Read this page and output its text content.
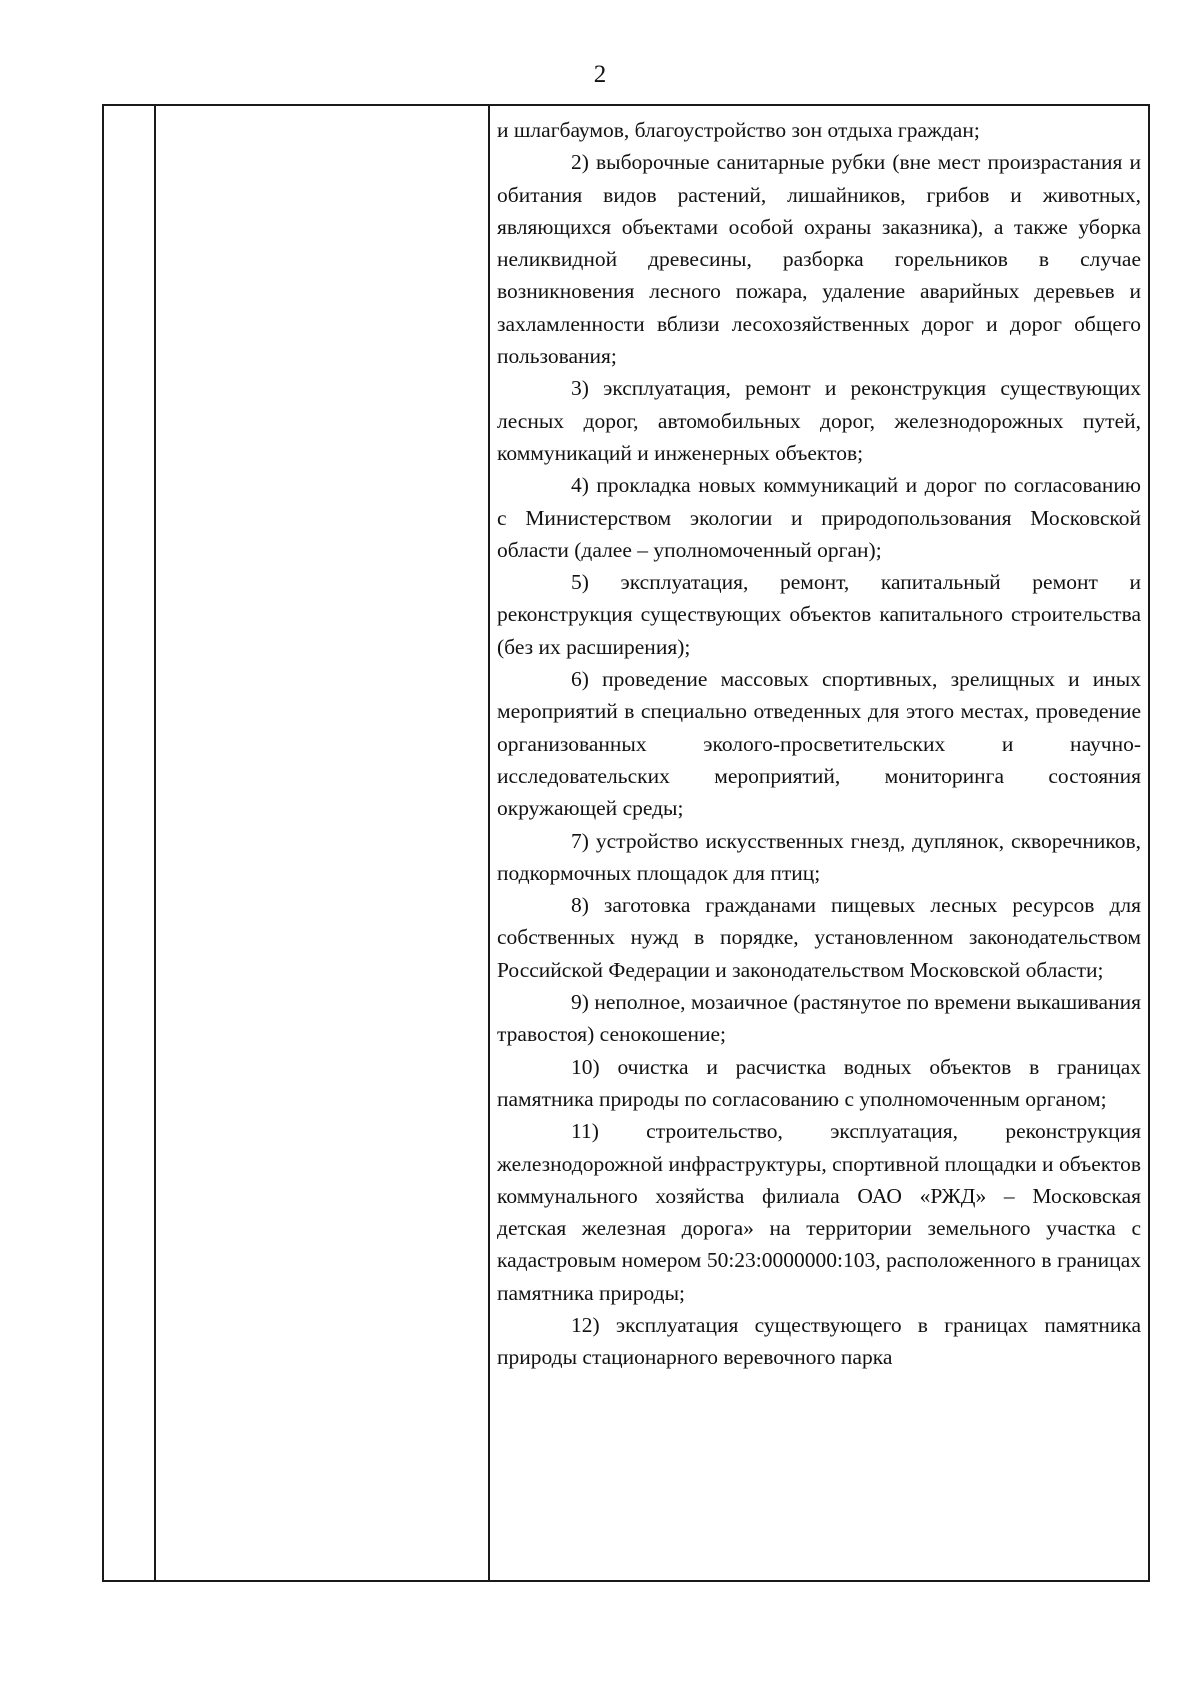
2

и шлагбаумов, благоустройство зон отдыха граждан;

2) выборочные санитарные рубки (вне мест произрастания и обитания видов растений, лишайников, грибов и животных, являющихся объектами особой охраны заказника), а также уборка неликвидной древесины, разборка горельников в случае возникновения лесного пожара, удаление аварийных деревьев и захламленности вблизи лесохозяйственных дорог и дорог общего пользования;

3) эксплуатация, ремонт и реконструкция существующих лесных дорог, автомобильных дорог, железнодорожных путей, коммуникаций и инженерных объектов;

4) прокладка новых коммуникаций и дорог по согласованию с Министерством экологии и природопользования Московской области (далее – уполномоченный орган);

5) эксплуатация, ремонт, капитальный ремонт и реконструкция существующих объектов капитального строительства (без их расширения);

6) проведение массовых спортивных, зрелищных и иных мероприятий в специально отведенных для этого местах, проведение организованных эколого-просветительских и научно-исследовательских мероприятий, мониторинга состояния окружающей среды;

7) устройство искусственных гнезд, дуплянок, скворечников, подкормочных площадок для птиц;

8) заготовка гражданами пищевых лесных ресурсов для собственных нужд в порядке, установленном законодательством Российской Федерации и законодательством Московской области;

9) неполное, мозаичное (растянутое по времени выкашивания травостоя) сенокошение;

10) очистка и расчистка водных объектов в границах памятника природы по согласованию с уполномоченным органом;

11) строительство, эксплуатация, реконструкция железнодорожной инфраструктуры, спортивной площадки и объектов коммунального хозяйства филиала ОАО «РЖД» – Московская детская железная дорога» на территории земельного участка с кадастровым номером 50:23:0000000:103, расположенного в границах памятника природы;

12) эксплуатация существующего в границах памятника природы стационарного веревочного парка
